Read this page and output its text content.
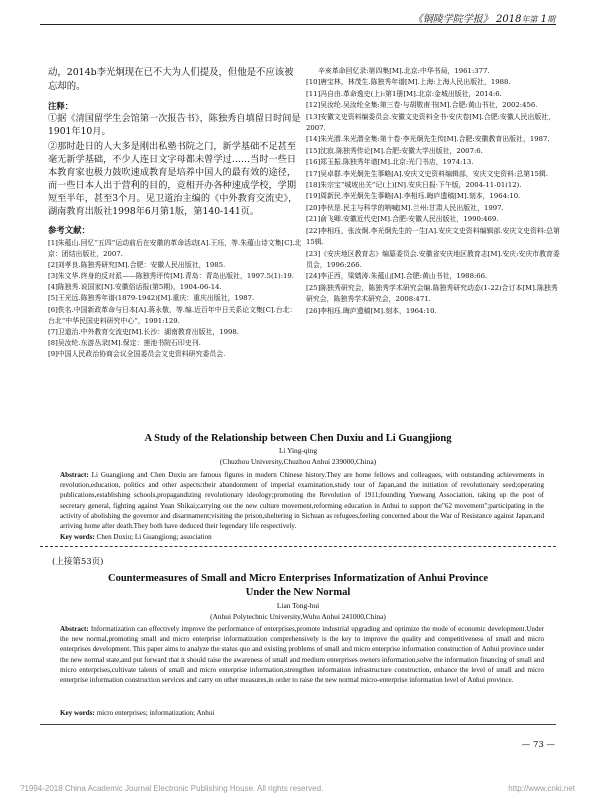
《铜陵学院学报》 2018年第 1期

动，2014b李光炯现在已不大为人们提及，但他是不应该被忘却的。

注释：

①据《清国留学生会馆第一次报告书》，陈独秀自填留日时间是1901年10月。

②那时赴日的人大多是刚出私塾书院之门，新学基础不足甚至毫无新学基础，不少人连日文字母都未曾学过……当时一些日本教育家也极力鼓吹速成教育是培养中国人的最有效的途径，而一些日本人出于营利的目的，竞相开办各种速成学校，学期短至半年，甚至3个月。见卫道治主编的《中外教育交流史》，湖南教育出版社1998年6月第1版，第140-141页。

参考文献：

[1]朱蕴山.回忆“五四”运动前后在安徽的革命活动[A].王珏，等.朱蕴山诗文集[C].北京：团结出版社，2007.

[2]刘孝良.陈独秀研究[M].合肥：安徽人民出版社，1985.

[3]朱文华.终身的反对派——陈独秀评传[M].青岛：青岛出版社，1997.5(1):19.

[4]陈独秀.说国家[N].安徽俗话报(第5期)，1904-06-14.

[5]王光远.陈独秀年谱(1879-1942)[M].重庆：重庆出版社，1987.

[6]佚名.中国新政革命与日本[A].蒋永敬，等.编.近百年中日关系论文集[C].台北：台北“中华民国史料研究中心”，1991:129.

[7]卫道治.中外教育交流史[M].长沙：湖南教育出版社，1998.

[8]吴汝纶.东游丛录[M].保定：莲池书院石印史刊.

[9]中国人民政治协商会议全国委员会文史资料研究委员会.

辛亥革命回忆录:第四集[M].北京:中华书局，1961:377.

[10]唐宝林，林茂生.陈独秀年谱[M].上海:上海人民出版社，1988.

[11]冯自由.革命逸史(上):第1册[M].北京:金城出版社，2014:6.

[12]吴汝纶.吴汝纶全集:第三卷·与胡敬甫书[M].合肥:黄山书社，2002:456.

[13]安徽文史资料编委员会.安徽文史资料全书·安庆卷[M].合肥:安徽人民出版社，2007.

[14]朱光潜.朱光潜全集:第十卷·李光炯先生传[M].合肥:安徽教育出版社，1987.

[15]沈寂.陈独秀传论[M].合肥:安徽大学出版社，2007:6.

[16]郑玉振.陈独秀年谱[M].北京:光门书店，1974:13.

[17]吴卓群.李光炯先生事略[A].安庆文史资料编辑部，安庆文史资料:总第15辑.

[18]朱宗宝“城坡出关”记(上)[N].安庆日报·下午版，2004-11-01(12).

[19]周新民.李光炯先生事略[A].李相珏.晦庐遗稿[M].刻本，1964:10.

[20]李伙是.民主与科学的呐喊[M].兰州:甘肃人民出版社，1997.

[21]俞飞卿.安徽近代史[M].合肥:安徽人民出版社，1990:469.

[22]李相珏，张汝炯.李光炯先生的一生[A].安庆文史资料编辑部.安庆文史资料:总第15辑.

[23]《安庆地区教育志》编纂委员会.安徽省安庆地区教育志[M].安庆:安庆市教育委员会，1996:266.

[24]李正西，梁婧涛.朱蕴山[M].合肥:黄山书社，1988:66.

[25]陈独秀研究会，陈独秀学术研究会编.陈独秀研究动态(1-22)合订本[M].陈独秀研究会，陈独秀学术研究会，2008:471.

[26]李相珏.晦庐遗稿[M].刻本，1964:10.

A Study of the Relationship between Chen Duxiu and Li Guangjiong
Li Ying-qing
(Chuzhou University,Chuzhou Anhui 239000,China)
Abstract: Li Guangjiong and Chen Duxiu are famous figures in modern Chinese history.They are home fellows and colleagues, with outstanding achievements in revolution,education, politics and other aspects:their abandonment of imperial examination,study tour of Japan,and the initiation of revolutionary seed;operating publications,establishing schools,propagandizing revolutionary ideology;promoting the Revolution of 1911;founding Yuewang Association, taking up the post of secretary general, fighting against Yuan Shikai;carrying out the new culture movement,reforming education in Anhui to support the"62 movement";participating in the activity of abolishing the governor and disarmament;visiting the prison,sheltering in Sichuan as refugees,feeling concerned about the War of Resistance against Japan,and arriving home after death.They both have deduced their legendary life respectively.
Key words: Chen Duxiu; Li Guangjiong; association
(上接第53页)
Countermeasures of Small and Micro Enterprises Informatization of Anhui Province
Under the New Normal
Lian Tong-hui
(Anhui Polytechnic University,Wuhu Anhui 241000,China)
Abstract: Informatization can effectively improve the performance of enterprises,promote industrial upgrading and optimize the mode of economic development.Under the new normal,promoting small and micro enterprise informatization comprehensively is the key to improve the quality and competitiveness of small and micro enterprises development. This paper aims to analyze the status quo and existing problems of small and micro enterprise information construction of Anhui province under the new normal state,and put forward that it should raise the awareness of small and medium enterprises owners information,solve the information financing of small and micro enterprises,cultivate talents of small and micro enterprise information,strengthen information infrastructure construction, enhance the level of small and micro enterprise information construction services and carry on other measures,in order to raise the new normal micro-enterprise information level of Anhui province.
Key words: micro enterprises; informatization; Anhui
— 73 —
?1994-2018 China Academic Journal Electronic Publishing House. All rights reserved.	http://www.cnki.net
